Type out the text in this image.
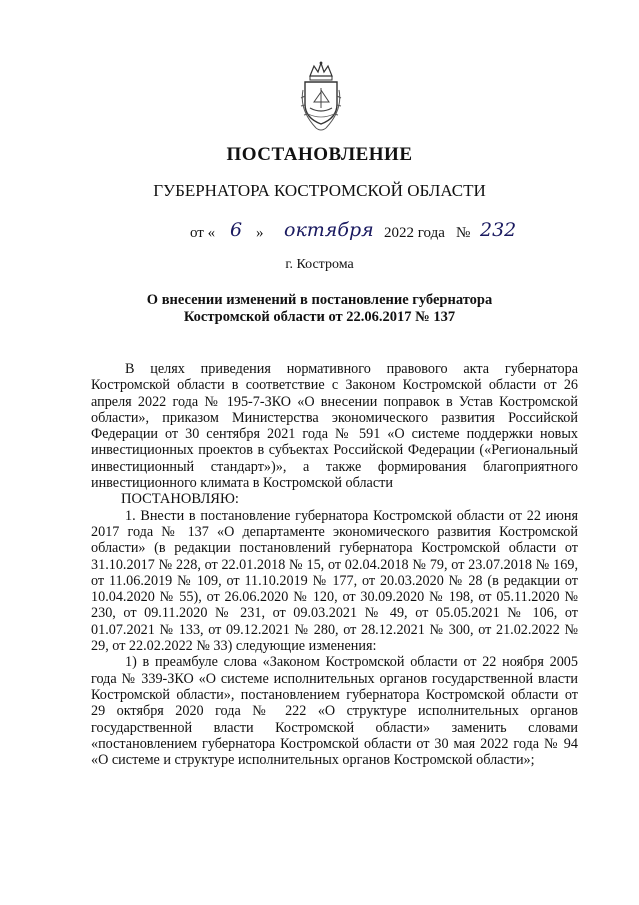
ПОСТАНОВЛЕНИЕ
ГУБЕРНАТОРА КОСТРОМСКОЙ ОБЛАСТИ
от « 6 » октября 2022 года № 232
г. Кострома
О внесении изменений в постановление губернатора
Костромской области от 22.06.2017 № 137

В целях приведения нормативного правового акта губернатора Костромской области в соответствие с Законом Костромской области от 26 апреля 2022 года № 195-7-ЗКО «О внесении поправок в Устав Костромской области», приказом Министерства экономического развития Российской Федерации от 30 сентября 2021 года № 591 «О системе поддержки новых инвестиционных проектов в субъектах Российской Федерации («Региональный инвестиционный стандарт»)», а также формирования благоприятного инвестиционного климата в Костромской области

ПОСТАНОВЛЯЮ:

1. Внести в постановление губернатора Костромской области от 22 июня 2017 года № 137 «О департаменте экономического развития Костромской области» (в редакции постановлений губернатора Костромской области от 31.10.2017 № 228, от 22.01.2018 № 15, от 02.04.2018 № 79, от 23.07.2018 № 169, от 11.06.2019 № 109, от 11.10.2019 № 177, от 20.03.2020 № 28 (в редакции от 10.04.2020 № 55), от 26.06.2020 № 120, от 30.09.2020 № 198, от 05.11.2020 № 230, от 09.11.2020 № 231, от 09.03.2021 № 49, от 05.05.2021 № 106, от 01.07.2021 № 133, от 09.12.2021 № 280, от 28.12.2021 № 300, от 21.02.2022 № 29, от 22.02.2022 № 33) следующие изменения:

1) в преамбуле слова «Законом Костромской области от 22 ноября 2005 года № 339-ЗКО «О системе исполнительных органов государственной власти Костромской области», постановлением губернатора Костромской области от 29 октября 2020 года № 222 «О структуре исполнительных органов государственной власти Костромской области» заменить словами «постановлением губернатора Костромской области от 30 мая 2022 года № 94 «О системе и структуре исполнительных органов Костромской области»;
